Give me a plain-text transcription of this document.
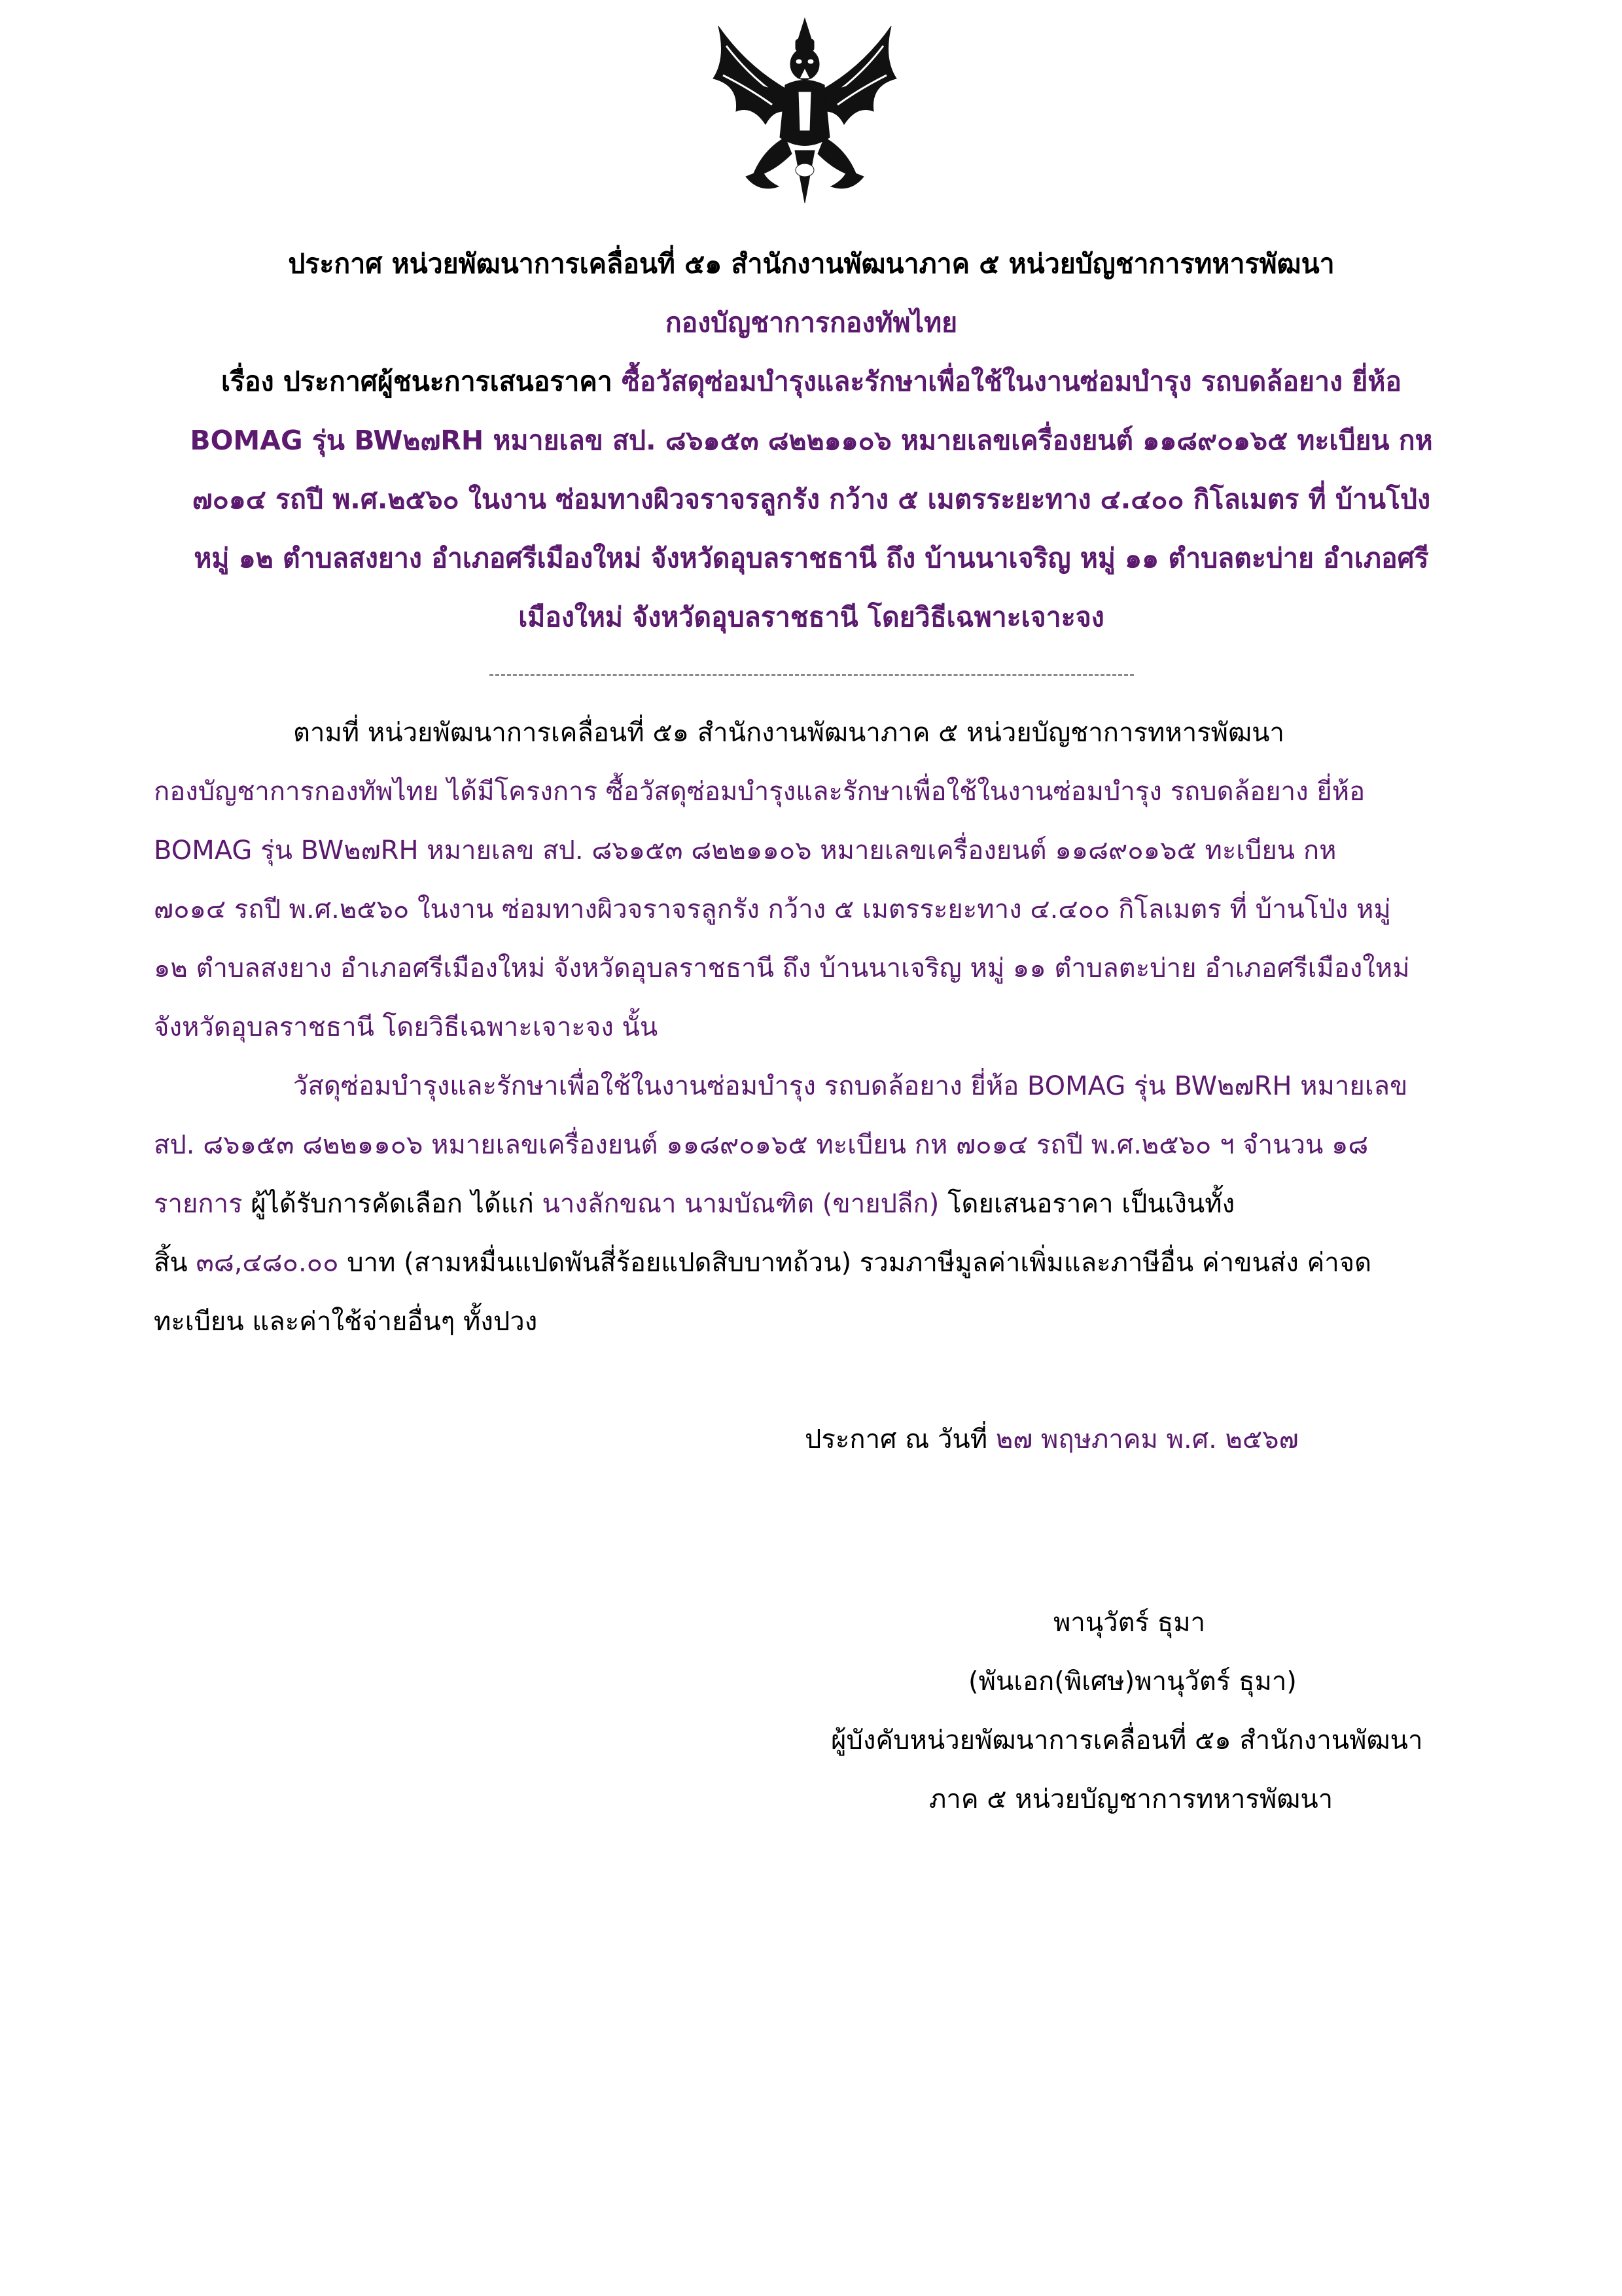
ประกาศ หน่วยพัฒนาการเคลื่อนที่ ๕๑ สำนักงานพัฒนาภาค ๕ หน่วยบัญชาการทหารพัฒนา
กองบัญชาการกองทัพไทย
เรื่อง ประกาศผู้ชนะการเสนอราคา ซื้อวัสดุซ่อมบำรุงและรักษาเพื่อใช้ในงานซ่อมบำรุง รถบดล้อยาง ยี่ห้อ
BOMAG รุ่น BW๒๗RH หมายเลข สป. ๘๖๑๕๓ ๘๒๒๑๑๐๖ หมายเลขเครื่องยนต์ ๑๑๘๙๐๑๖๕ ทะเบียน กห
๗๐๑๔ รถปี พ.ศ.๒๕๖๐ ในงาน ซ่อมทางผิวจราจรลูกรัง กว้าง ๕ เมตรระยะทาง ๔.๔๐๐ กิโลเมตร ที่ บ้านโป่ง
หมู่ ๑๒ ตำบลสงยาง อำเภอศรีเมืองใหม่ จังหวัดอุบลราชธานี ถึง บ้านนาเจริญ หมู่ ๑๑ ตำบลตะบ่าย อำเภอศรี
เมืองใหม่ จังหวัดอุบลราชธานี โดยวิธีเฉพาะเจาะจง
ตามที่ หน่วยพัฒนาการเคลื่อนที่ ๕๑ สำนักงานพัฒนาภาค ๕ หน่วยบัญชาการทหารพัฒนา
กองบัญชาการกองทัพไทย ได้มีโครงการ ซื้อวัสดุซ่อมบำรุงและรักษาเพื่อใช้ในงานซ่อมบำรุง รถบดล้อยาง ยี่ห้อ
BOMAG รุ่น BW๒๗RH หมายเลข สป. ๘๖๑๕๓ ๘๒๒๑๑๐๖ หมายเลขเครื่องยนต์ ๑๑๘๙๐๑๖๕ ทะเบียน กห
๗๐๑๔ รถปี พ.ศ.๒๕๖๐ ในงาน ซ่อมทางผิวจราจรลูกรัง กว้าง ๕ เมตรระยะทาง ๔.๔๐๐ กิโลเมตร ที่ บ้านโป่ง หมู่
๑๒ ตำบลสงยาง อำเภอศรีเมืองใหม่ จังหวัดอุบลราชธานี ถึง บ้านนาเจริญ หมู่ ๑๑ ตำบลตะบ่าย อำเภอศรีเมืองใหม่
จังหวัดอุบลราชธานี โดยวิธีเฉพาะเจาะจง นั้น
วัสดุซ่อมบำรุงและรักษาเพื่อใช้ในงานซ่อมบำรุง รถบดล้อยาง ยี่ห้อ BOMAG รุ่น BW๒๗RH หมายเลข
สป. ๘๖๑๕๓ ๘๒๒๑๑๐๖ หมายเลขเครื่องยนต์ ๑๑๘๙๐๑๖๕ ทะเบียน กห ๗๐๑๔ รถปี พ.ศ.๒๕๖๐ ฯ จำนวน ๑๘
รายการ ผู้ได้รับการคัดเลือก ได้แก่ นางลักขณา นามบัณฑิต (ขายปลีก) โดยเสนอราคา เป็นเงินทั้ง
สิ้น ๓๘,๔๘๐.๐๐ บาท (สามหมื่นแปดพันสี่ร้อยแปดสิบบาทถ้วน) รวมภาษีมูลค่าเพิ่มและภาษีอื่น ค่าขนส่ง ค่าจด
ทะเบียน และค่าใช้จ่ายอื่นๆ ทั้งปวง
ประกาศ ณ วันที่ ๒๗ พฤษภาคม พ.ศ. ๒๕๖๗
พานุวัตร์ ธุมา
(พันเอก(พิเศษ)พานุวัตร์ ธุมา)
ผู้บังคับหน่วยพัฒนาการเคลื่อนที่ ๕๑ สำนักงานพัฒนา
ภาค ๕ หน่วยบัญชาการทหารพัฒนา
